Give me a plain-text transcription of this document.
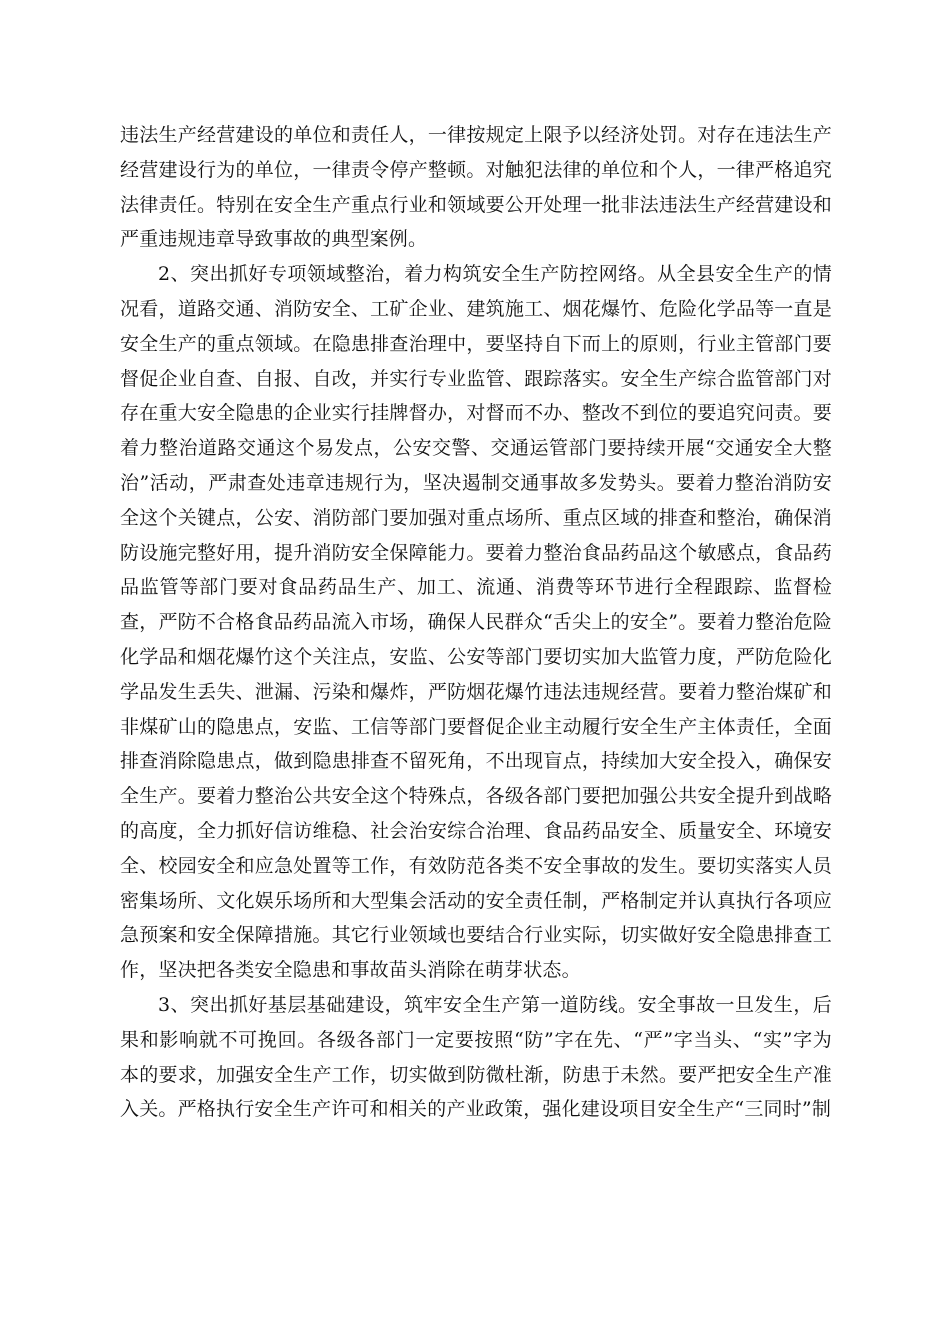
违法生产经营建设的单位和责任人，一律按规定上限予以经济处罚。对存在违法生产经营建设行为的单位，一律责令停产整顿。对触犯法律的单位和个人，一律严格追究法律责任。特别在安全生产重点行业和领域要公开处理一批非法违法生产经营建设和严重违规违章导致事故的典型案例。

2、突出抓好专项领域整治，着力构筑安全生产防控网络。从全县安全生产的情况看，道路交通、消防安全、工矿企业、建筑施工、烟花爆竹、危险化学品等一直是安全生产的重点领域。在隐患排查治理中，要坚持自下而上的原则，行业主管部门要督促企业自查、自报、自改，并实行专业监管、跟踪落实。安全生产综合监管部门对存在重大安全隐患的企业实行挂牌督办，对督而不办、整改不到位的要追究问责。要着力整治道路交通这个易发点，公安交警、交通运管部门要持续开展“交通安全大整治”活动，严肃查处违章违规行为，坚决遏制交通事故多发势头。要着力整治消防安全这个关键点，公安、消防部门要加强对重点场所、重点区域的排查和整治，确保消防设施完整好用，提升消防安全保障能力。要着力整治食品药品这个敏感点，食品药品监管等部门要对食品药品生产、加工、流通、消费等环节进行全程跟踪、监督检查，严防不合格食品药品流入市场，确保人民群众“舌尖上的安全”。要着力整治危险化学品和烟花爆竹这个关注点，安监、公安等部门要切实加大监管力度，严防危险化学品发生丢失、泄漏、污染和爆炸，严防烟花爆竹违法违规经营。要着力整治煤矿和非煤矿山的隐患点，安监、工信等部门要督促企业主动履行安全生产主体责任，全面排查消除隐患点，做到隐患排查不留死角，不出现盲点，持续加大安全投入，确保安全生产。要着力整治公共安全这个特殊点，各级各部门要把加强公共安全提升到战略的高度，全力抓好信访维稳、社会治安综合治理、食品药品安全、质量安全、环境安全、校园安全和应急处置等工作，有效防范各类不安全事故的发生。要切实落实人员密集场所、文化娱乐场所和大型集会活动的安全责任制，严格制定并认真执行各项应急预案和安全保障措施。其它行业领域也要结合行业实际，切实做好安全隐患排查工作，坚决把各类安全隐患和事故苗头消除在萌芽状态。

3、突出抓好基层基础建设，筑牢安全生产第一道防线。安全事故一旦发生，后果和影响就不可挽回。各级各部门一定要按照“防”字在先、“严”字当头、“实”字为本的要求，加强安全生产工作，切实做到防微杜渐，防患于未然。要严把安全生产准入关。严格执行安全生产许可和相关的产业政策，强化建设项目安全生产“三同时”制
